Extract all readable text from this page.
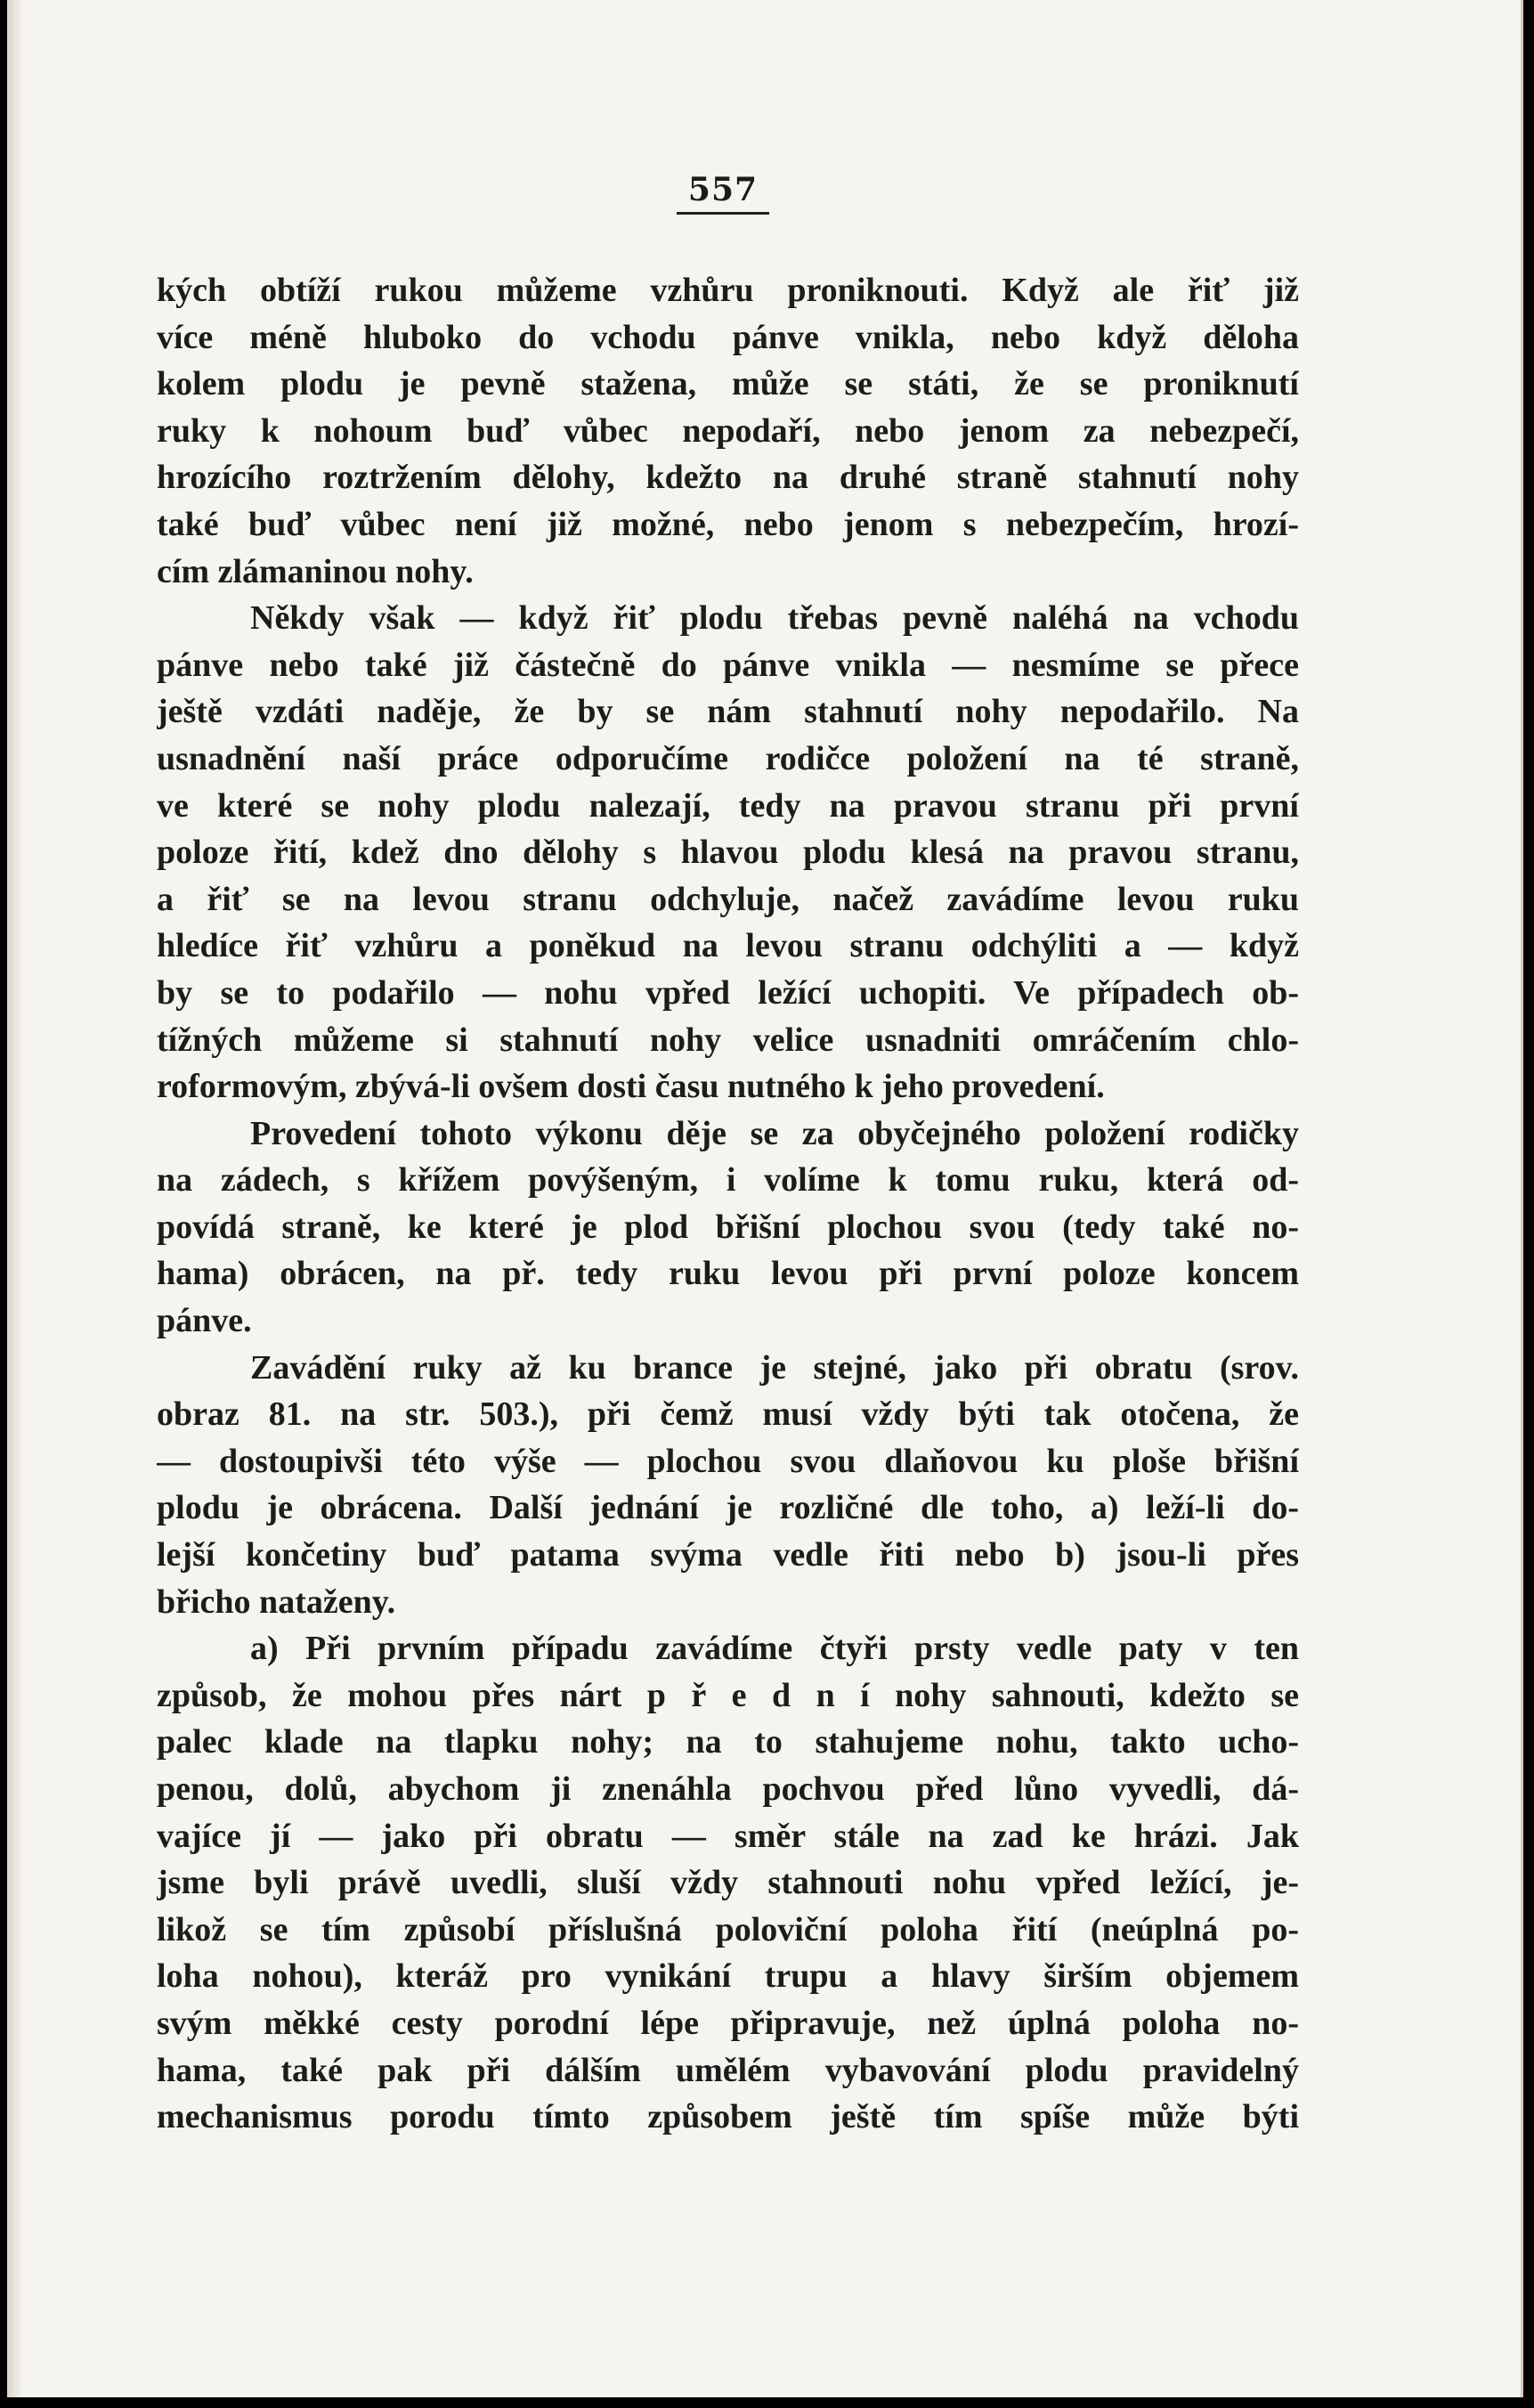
557
kých obtíží rukou můžeme vzhůru proniknouti. Když ale řiť již
více méně hluboko do vchodu pánve vnikla, nebo když děloha
kolem plodu je pevně stažena, může se státi, že se proniknutí
ruky k nohoum buď vůbec nepodaří, nebo jenom za nebezpečí,
hrozícího roztržením dělohy, kdežto na druhé straně stahnutí nohy
také buď vůbec není již možné, nebo jenom s nebezpečím, hrozí-
cím zlámaninou nohy.
Někdy však — když řiť plodu třebas pevně naléhá na vchodu
pánve nebo také již částečně do pánve vnikla — nesmíme se přece
ještě vzdáti naděje, že by se nám stahnutí nohy nepodařilo. Na
usnadnění naší práce odporučíme rodičce položení na té straně,
ve které se nohy plodu nalezají, tedy na pravou stranu při první
poloze řití, kdež dno dělohy s hlavou plodu klesá na pravou stranu,
a řiť se na levou stranu odchyluje, načež zavádíme levou ruku
hledíce řiť vzhůru a poněkud na levou stranu odchýliti a — když
by se to podařilo — nohu vpřed ležící uchopiti. Ve případech ob-
tížných můžeme si stahnutí nohy velice usnadniti omráčením chlo-
roformovým, zbývá-li ovšem dosti času nutného k jeho provedení.
Provedení tohoto výkonu děje se za obyčejného položení rodičky
na zádech, s křížem povýšeným, i volíme k tomu ruku, která od-
povídá straně, ke které je plod břišní plochou svou (tedy také no-
hama) obrácen, na př. tedy ruku levou při první poloze koncem
pánve.
Zavádění ruky až ku brance je stejné, jako při obratu (srov.
obraz 81. na str. 503.), při čemž musí vždy býti tak otočena, že
— dostoupivši této výše — plochou svou dlaňovou ku ploše břišní
plodu je obrácena. Další jednání je rozličné dle toho, a) leží-li do-
lejší končetiny buď patama svýma vedle řiti nebo b) jsou-li přes
břicho nataženy.
a) Při prvním případu zavádíme čtyři prsty vedle paty v ten
způsob, že mohou přes nárt p ř e d n í nohy sahnouti, kdežto se
palec klade na tlapku nohy; na to stahujeme nohu, takto ucho-
penou, dolů, abychom ji znenáhla pochvou před lůno vyvedli, dá-
vajíce jí — jako při obratu — směr stále na zad ke hrázi. Jak
jsme byli právě uvedli, sluší vždy stahnouti nohu vpřed ležící, je-
likož se tím způsobí příslušná poloviční poloha řití (neúplná po-
loha nohou), kteráž pro vynikání trupu a hlavy širším objemem
svým měkké cesty porodní lépe připravuje, než úplná poloha no-
hama, také pak při dálším umělém vybavování plodu pravidelný
mechanismus porodu tímto způsobem ještě tím spíše může býti
